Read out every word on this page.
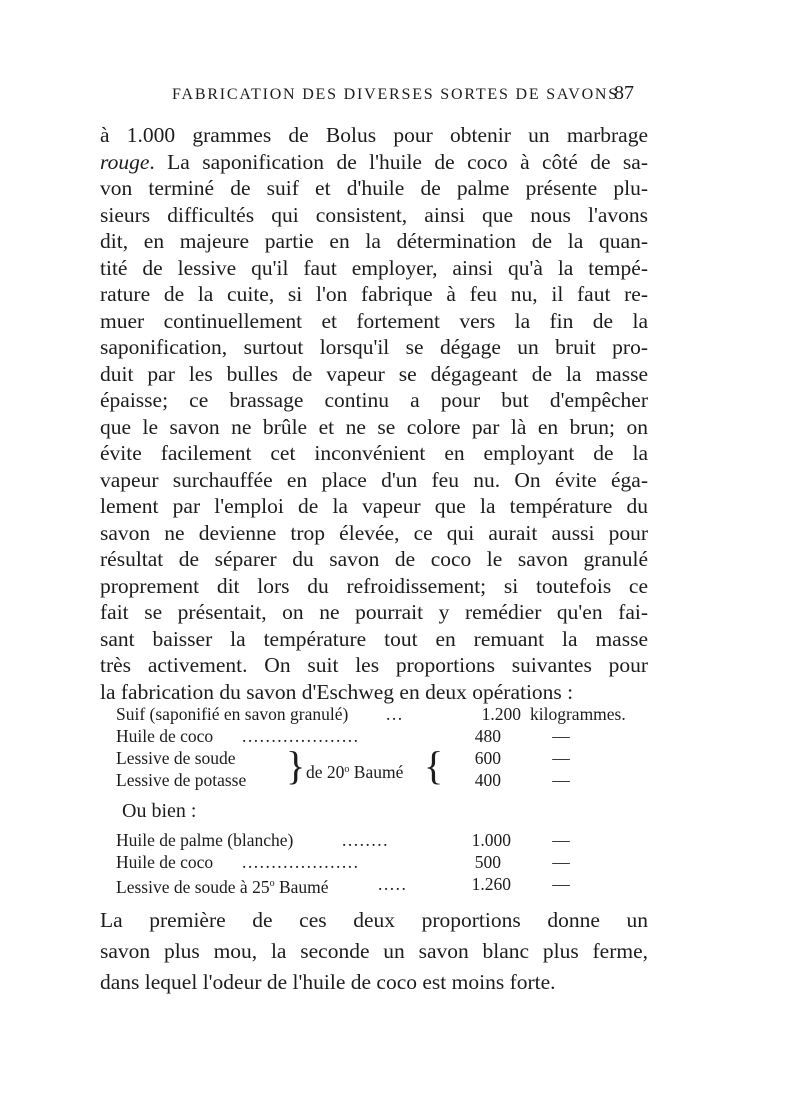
FABRICATION DES DIVERSES SORTES DE SAVONS
87
à 1.000 grammes de Bolus pour obtenir un marbrage
rouge. La saponification de l'huile de coco à côté de sa-
von terminé de suif et d'huile de palme présente plu-
sieurs difficultés qui consistent, ainsi que nous l'avons
dit, en majeure partie en la détermination de la quan-
tité de lessive qu'il faut employer, ainsi qu'à la tempé-
rature de la cuite, si l'on fabrique à feu nu, il faut re-
muer continuellement et fortement vers la fin de la
saponification, surtout lorsqu'il se dégage un bruit pro-
duit par les bulles de vapeur se dégageant de la masse
épaisse; ce brassage continu a pour but d'empêcher
que le savon ne brûle et ne se colore par là en brun; on
évite facilement cet inconvénient en employant de la
vapeur surchauffée en place d'un feu nu. On évite éga-
lement par l'emploi de la vapeur que la température du
savon ne devienne trop élevée, ce qui aurait aussi pour
résultat de séparer du savon de coco le savon granulé
proprement dit lors du refroidissement; si toutefois ce
fait se présentait, on ne pourrait y remédier qu'en fai-
sant baisser la température tout en remuant la masse
très activement. On suit les proportions suivantes pour
la fabrication du savon d'Eschweg en deux opérations :
Suif (saponifié en savon granulé) ...	1.200 kilogrammes.
Huile de coco ....................	480	—
Lessive de soude	600	—
Lessive de potasse	400	—
} de 20$^o$ Baumé {
Ou bien :
Huile de palme (blanche)	........	1.000	—
Huile de coco ....................	500	—
Lessive de soude à 25$^o$ Baumé	.....	1.260	—
La première de ces deux proportions donne un
savon plus mou, la seconde un savon blanc plus ferme,
dans lequel l'odeur de l'huile de coco est moins forte.
